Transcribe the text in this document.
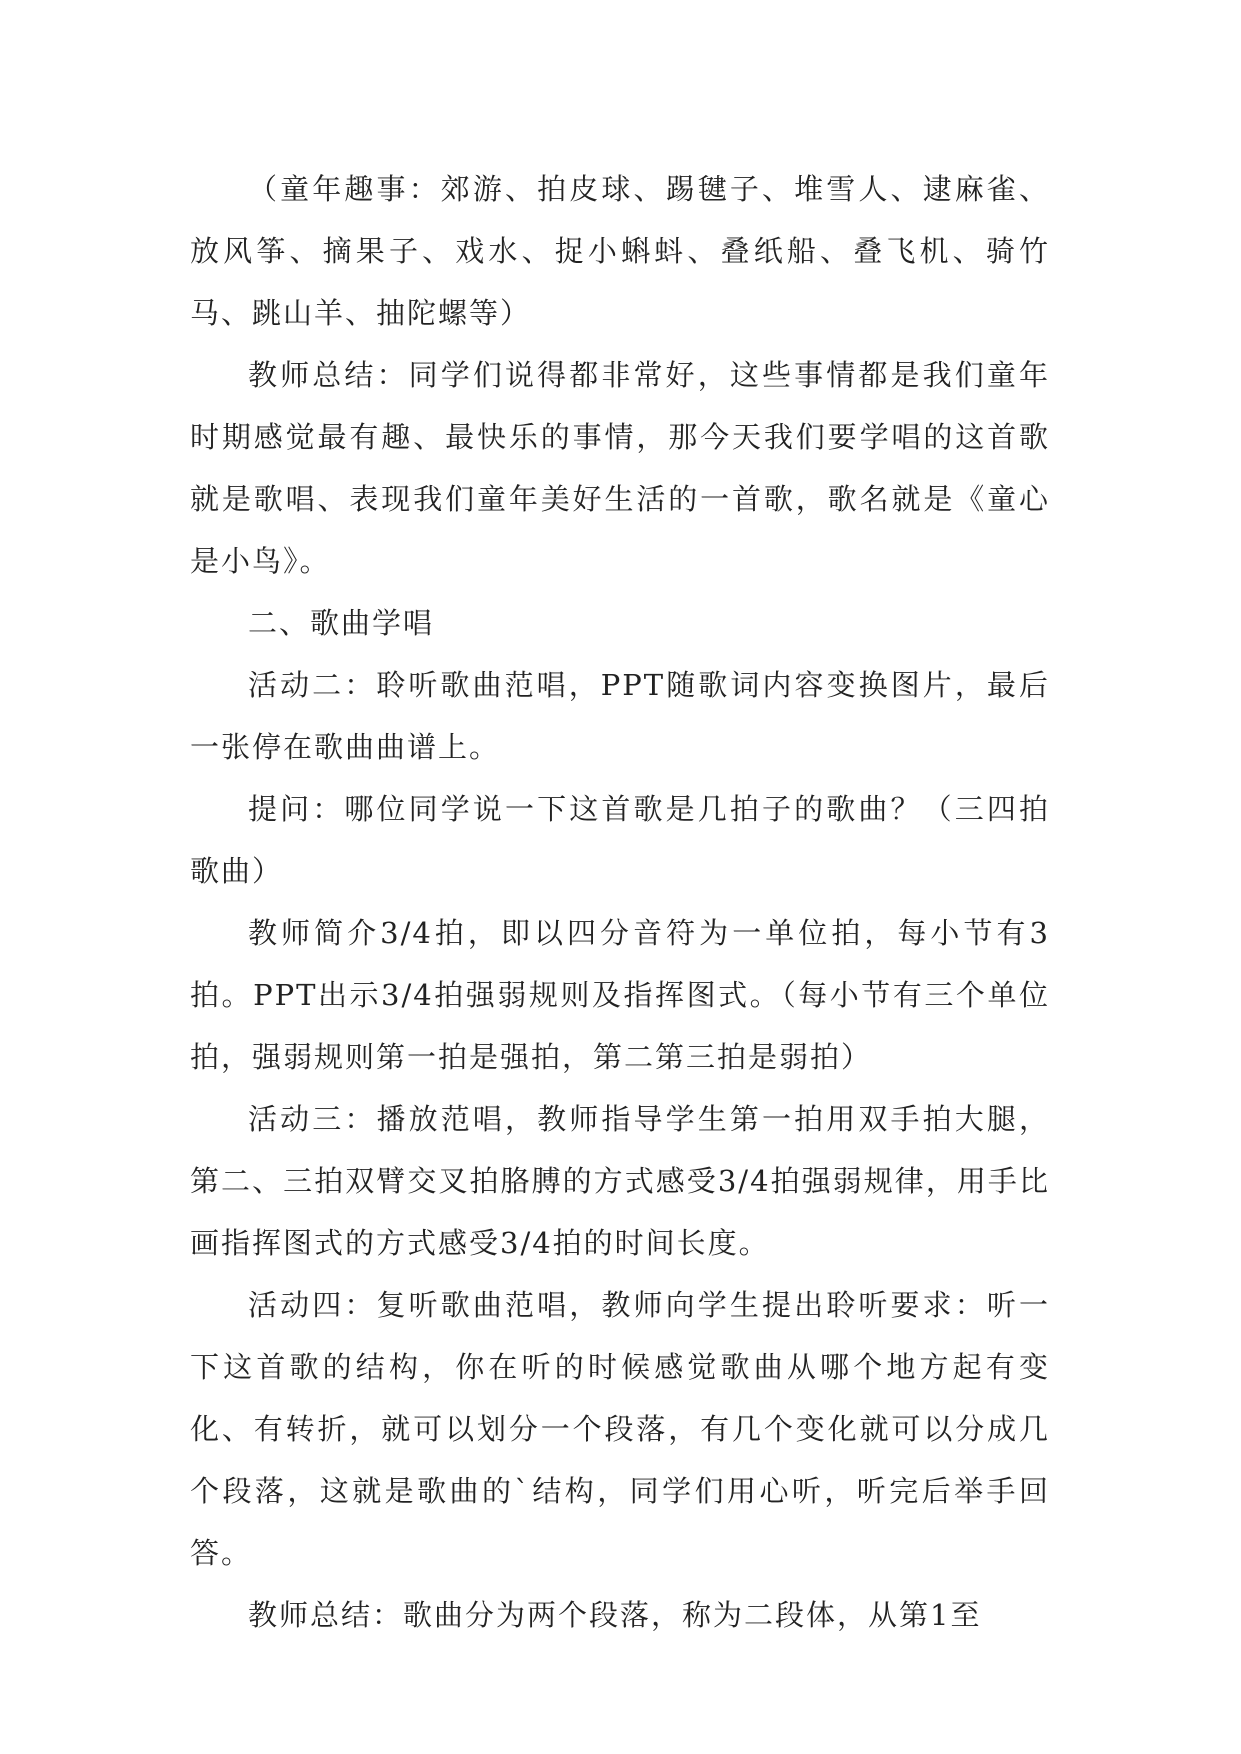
（童年趣事：郊游、拍皮球、踢毽子、堆雪人、逮麻雀、放风筝、摘果子、戏水、捉小蝌蚪、叠纸船、叠飞机、骑竹马、跳山羊、抽陀螺等）

教师总结：同学们说得都非常好，这些事情都是我们童年时期感觉最有趣、最快乐的事情，那今天我们要学唱的这首歌就是歌唱、表现我们童年美好生活的一首歌，歌名就是《童心是小鸟》。

二、歌曲学唱

活动二：聆听歌曲范唱，PPT随歌词内容变换图片，最后一张停在歌曲曲谱上。

提问：哪位同学说一下这首歌是几拍子的歌曲？（三四拍歌曲）

教师简介3/4拍，即以四分音符为一单位拍，每小节有3拍。PPT出示3/4拍强弱规则及指挥图式。（每小节有三个单位拍，强弱规则第一拍是强拍，第二第三拍是弱拍）

活动三：播放范唱，教师指导学生第一拍用双手拍大腿，第二、三拍双臂交叉拍胳膊的方式感受3/4拍强弱规律，用手比画指挥图式的方式感受3/4拍的时间长度。

活动四：复听歌曲范唱，教师向学生提出聆听要求：听一下这首歌的结构，你在听的时候感觉歌曲从哪个地方起有变化、有转折，就可以划分一个段落，有几个变化就可以分成几个段落，这就是歌曲的`结构，同学们用心听，听完后举手回答。

教师总结：歌曲分为两个段落，称为二段体，从第1至
